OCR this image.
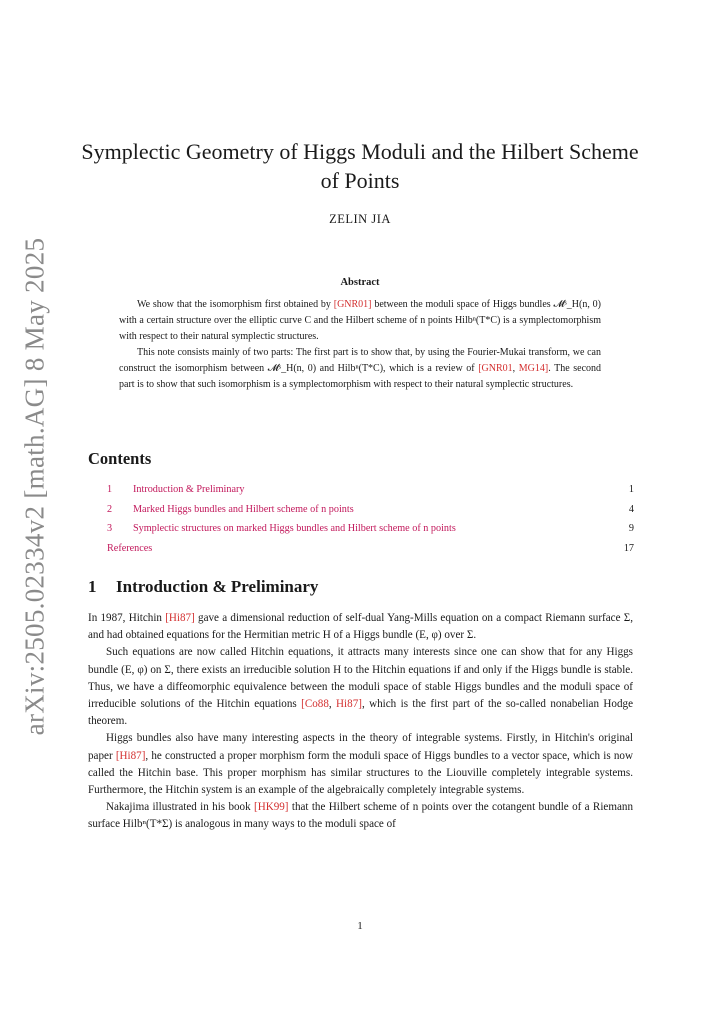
arXiv:2505.02334v2 [math.AG] 8 May 2025
Symplectic Geometry of Higgs Moduli and the Hilbert Scheme of Points
ZELIN JIA
Abstract

We show that the isomorphism first obtained by [GNR01] between the moduli space of Higgs bundles 𝓜ˢ_H(n, 0) with a certain structure over the elliptic curve C and the Hilbert scheme of n points Hilbⁿ(T*C) is a symplectomorphism with respect to their natural symplectic structures.

This note consists mainly of two parts: The first part is to show that, by using the Fourier-Mukai transform, we can construct the isomorphism between 𝓜ˢ_H(n, 0) and Hilbⁿ(T*C), which is a review of [GNR01, MG14]. The second part is to show that such isomorphism is a symplectomorphism with respect to their natural symplectic structures.

Contents
1	Introduction & Preliminary	1
2	Marked Higgs bundles and Hilbert scheme of n points	4
3	Symplectic structures on marked Higgs bundles and Hilbert scheme of n points	9
References	17
1 Introduction & Preliminary

In 1987, Hitchin [Hi87] gave a dimensional reduction of self-dual Yang-Mills equation on a compact Riemann surface Σ, and had obtained equations for the Hermitian metric H of a Higgs bundle (E, φ) over Σ.

Such equations are now called Hitchin equations, it attracts many interests since one can show that for any Higgs bundle (E, φ) on Σ, there exists an irreducible solution H to the Hitchin equations if and only if the Higgs bundle is stable. Thus, we have a diffeomorphic equivalence between the moduli space of stable Higgs bundles and the moduli space of irreducible solutions of the Hitchin equations [Co88, Hi87], which is the first part of the so-called nonabelian Hodge theorem.

Higgs bundles also have many interesting aspects in the theory of integrable systems. Firstly, in Hitchin's original paper [Hi87], he constructed a proper morphism form the moduli space of Higgs bundles to a vector space, which is now called the Hitchin base. This proper morphism has similar structures to the Liouville completely integrable systems. Furthermore, the Hitchin system is an example of the algebraically completely integrable systems.

Nakajima illustrated in his book [HK99] that the Hilbert scheme of n points over the cotangent bundle of a Riemann surface Hilbⁿ(T*Σ) is analogous in many ways to the moduli space of

1
